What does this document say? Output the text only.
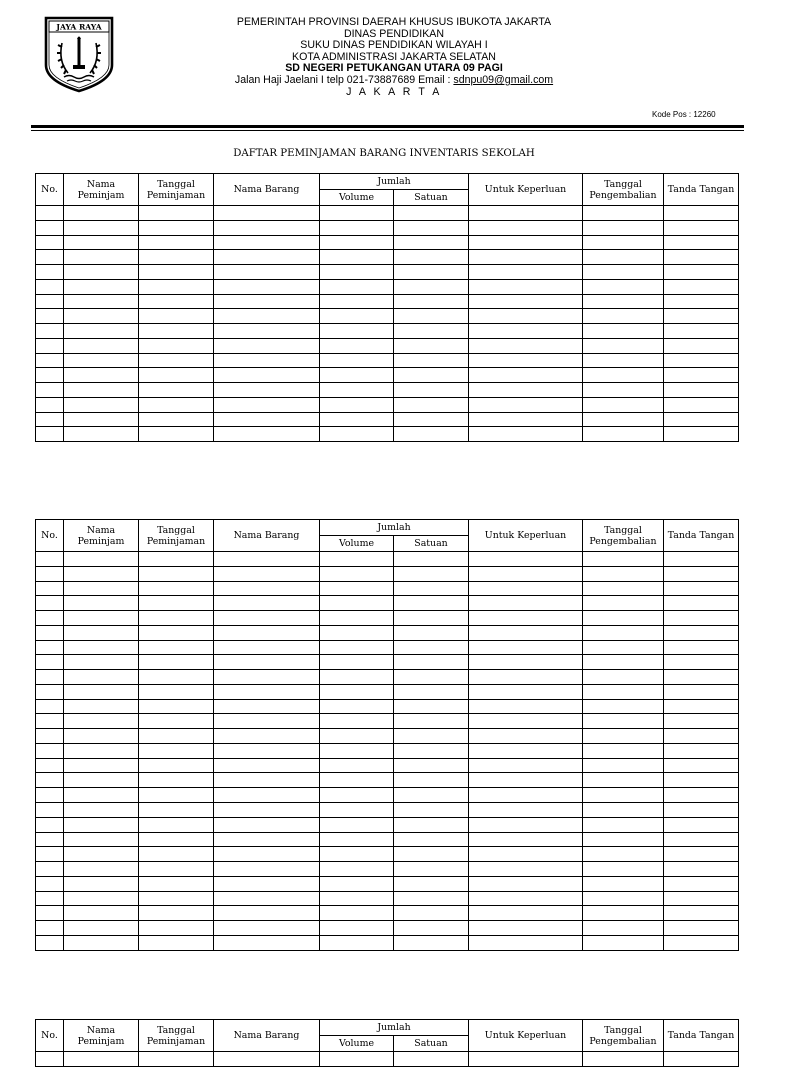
JAYA RAYA	PEMERINTAH PROVINSI DAERAH KHUSUS IBUKOTA JAKARTA
DINAS PENDIDIKAN
SUKU DINAS PENDIDIKAN WILAYAH I
KOTA ADMINISTRASI JAKARTA SELATAN
SD NEGERI PETUKANGAN UTARA 09 PAGI
Jalan Haji Jaelani I telp 021-73887689 Email : sdnpu09@gmail.com
J A K A R T A
Kode Pos : 12260
DAFTAR PEMINJAMAN BARANG INVENTARIS SEKOLAH
No.	Nama Peminjam	Tanggal Peminjaman	Nama Barang	Jumlah		Untuk Keperluan	Tanggal Pengembalian	Tanda Tangan
				Volume	Satuan			

No.	Nama Peminjam	Tanggal Peminjaman	Nama Barang	Jumlah		Untuk Keperluan	Tanggal Pengembalian	Tanda Tangan
				Volume	Satuan			

No.	Nama Peminjam	Tanggal Peminjaman	Nama Barang	Jumlah		Untuk Keperluan	Tanggal Pengembalian	Tanda Tangan
				Volume	Satuan			
